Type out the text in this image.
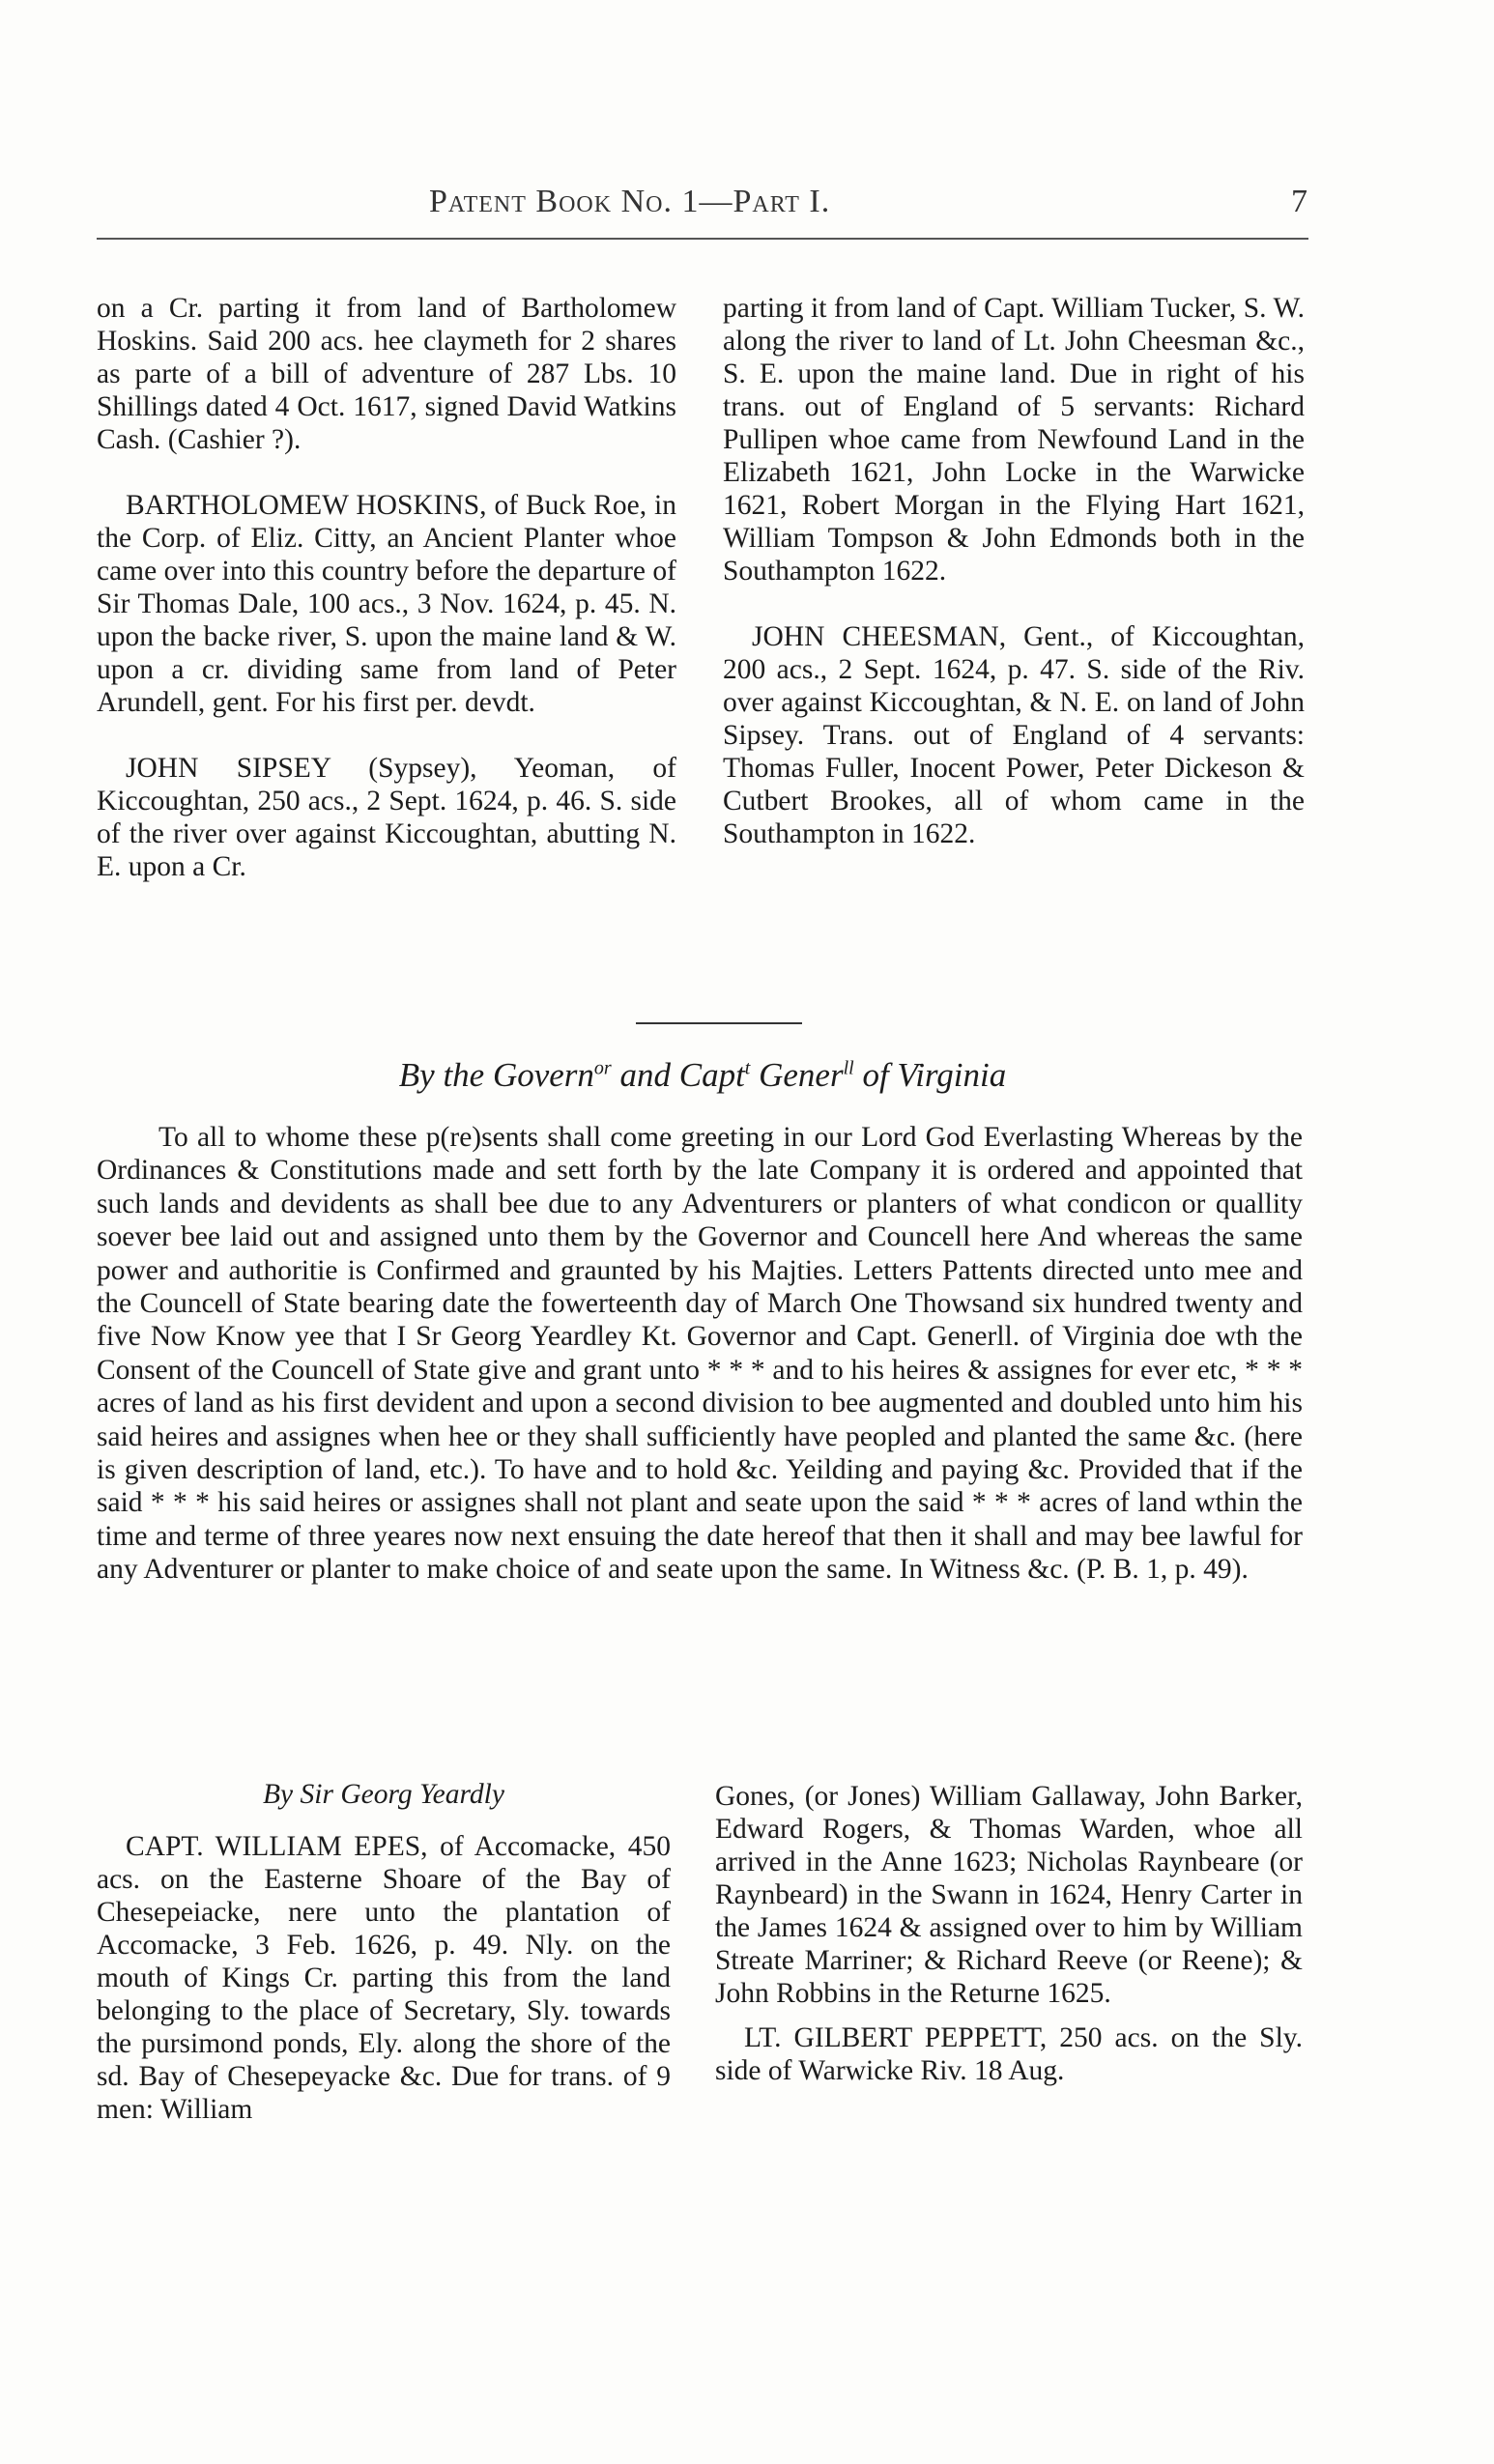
Patent Book No. 1—Part I.	7

on a Cr. parting it from land of Bartholomew Hoskins. Said 200 acs. hee claymeth for 2 shares as parte of a bill of adventure of 287 Lbs. 10 Shillings dated 4 Oct. 1617, signed David Watkins Cash. (Cashier ?).

BARTHOLOMEW HOSKINS, of Buck Roe, in the Corp. of Eliz. Citty, an Ancient Planter whoe came over into this country before the departure of Sir Thomas Dale, 100 acs., 3 Nov. 1624, p. 45. N. upon the backe river, S. upon the maine land & W. upon a cr. dividing same from land of Peter Arundell, gent. For his first per. devdt.

JOHN SIPSEY (Sypsey), Yeoman, of Kiccoughtan, 250 acs., 2 Sept. 1624, p. 46. S. side of the river over against Kiccoughtan, abutting N. E. upon a Cr.

parting it from land of Capt. William Tucker, S. W. along the river to land of Lt. John Cheesman &c., S. E. upon the maine land. Due in right of his trans. out of England of 5 servants: Richard Pullipen whoe came from Newfound Land in the Elizabeth 1621, John Locke in the Warwicke 1621, Robert Morgan in the Flying Hart 1621, William Tompson & John Edmonds both in the Southampton 1622.

JOHN CHEESMAN, Gent., of Kiccoughtan, 200 acs., 2 Sept. 1624, p. 47. S. side of the Riv. over against Kiccoughtan, & N. E. on land of John Sipsey. Trans. out of England of 4 servants: Thomas Fuller, Inocent Power, Peter Dickeson & Cutbert Brookes, all of whom came in the Southampton in 1622.

By the Govern$^{or}$ and Capt$^t$ Gener$^{ll}$ of Virginia

To all to whome these p(re)sents shall come greeting in our Lord God Everlasting Whereas by the Ordinances & Constitutions made and sett forth by the late Company it is ordered and appointed that such lands and devidents as shall bee due to any Adventurers or planters of what condicon or quallity soever bee laid out and assigned unto them by the Governor and Councell here And whereas the same power and authoritie is Confirmed and graunted by his Majties. Letters Pattents directed unto mee and the Councell of State bearing date the fowerteenth day of March One Thowsand six hundred twenty and five Now Know yee that I Sr Georg Yeardley Kt. Governor and Capt. Generll. of Virginia doe wth the Consent of the Councell of State give and grant unto * * * and to his heires & assignes for ever etc, * * * acres of land as his first devident and upon a second division to bee augmented and doubled unto him his said heires and assignes when hee or they shall sufficiently have peopled and planted the same &c. (here is given description of land, etc.). To have and to hold &c. Yeilding and paying &c. Provided that if the said * * * his said heires or assignes shall not plant and seate upon the said * * * acres of land wthin the time and terme of three yeares now next ensuing the date hereof that then it shall and may bee lawful for any Adventurer or planter to make choice of and seate upon the same. In Witness &c. (P. B. 1, p. 49).

By Sir Georg Yeardly

CAPT. WILLIAM EPES, of Accomacke, 450 acs. on the Easterne Shoare of the Bay of Chesepeiacke, nere unto the plantation of Accomacke, 3 Feb. 1626, p. 49. Nly. on the mouth of Kings Cr. parting this from the land belonging to the place of Secretary, Sly. towards the pursimond ponds, Ely. along the shore of the sd. Bay of Chesepeyacke &c. Due for trans. of 9 men: William

Gones, (or Jones) William Gallaway, John Barker, Edward Rogers, & Thomas Warden, whoe all arrived in the Anne 1623; Nicholas Raynbeare (or Raynbeard) in the Swann in 1624, Henry Carter in the James 1624 & assigned over to him by William Streate Marriner; & Richard Reeve (or Reene); & John Robbins in the Returne 1625.

LT. GILBERT PEPPETT, 250 acs. on the Sly. side of Warwicke Riv. 18 Aug.
